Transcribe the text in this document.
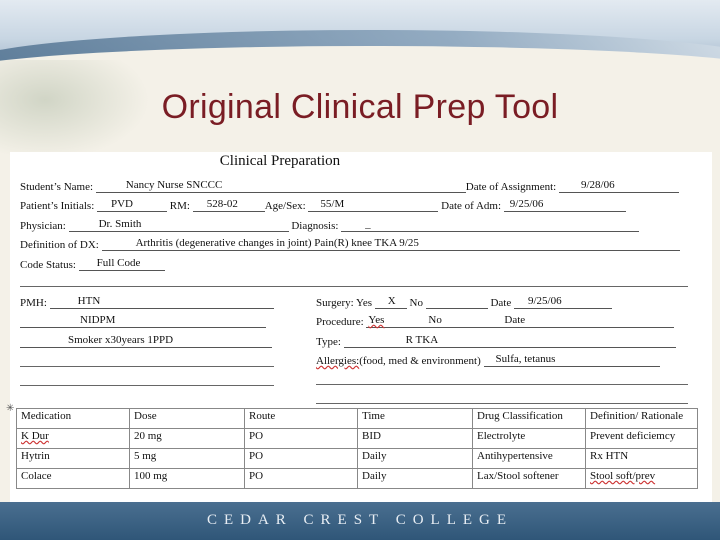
Original Clinical Prep Tool
Clinical Preparation
Student’s Name:	Nancy Nurse SNCCC	Date of Assignment: 9/28/06
Patient’s Initials: PVD	RM: 528-02 Age/Sex: 55/M	Date of Adm: 9/25/06
Physician:	Dr. Smith	Diagnosis: _
Definition of DX:	Arthritis (degenerative changes in joint) Pain(R) knee TKA 9/25
Code Status: Full Code
PMH:	HTN
NIDPM
Smoker x30years 1PPD
Surgery: Yes X No	Date 9/25/06
Procedure: Yes	No	Date
Type:	R TKA
Allergies:(food, med & environment) Sulfa, tetanus
✳
Medication	Dose	Route	Time	Drug Classification	Definition/ Rationale
K Dur	20 mg	PO	BID	Electrolyte	Prevent deficiemcy
Hytrin	5 mg	PO	Daily	Antihypertensive	Rx HTN
Colace	100 mg	PO	Daily	Lax/Stool softener	Stool soft/prev
CEDAR CREST COLLEGE
